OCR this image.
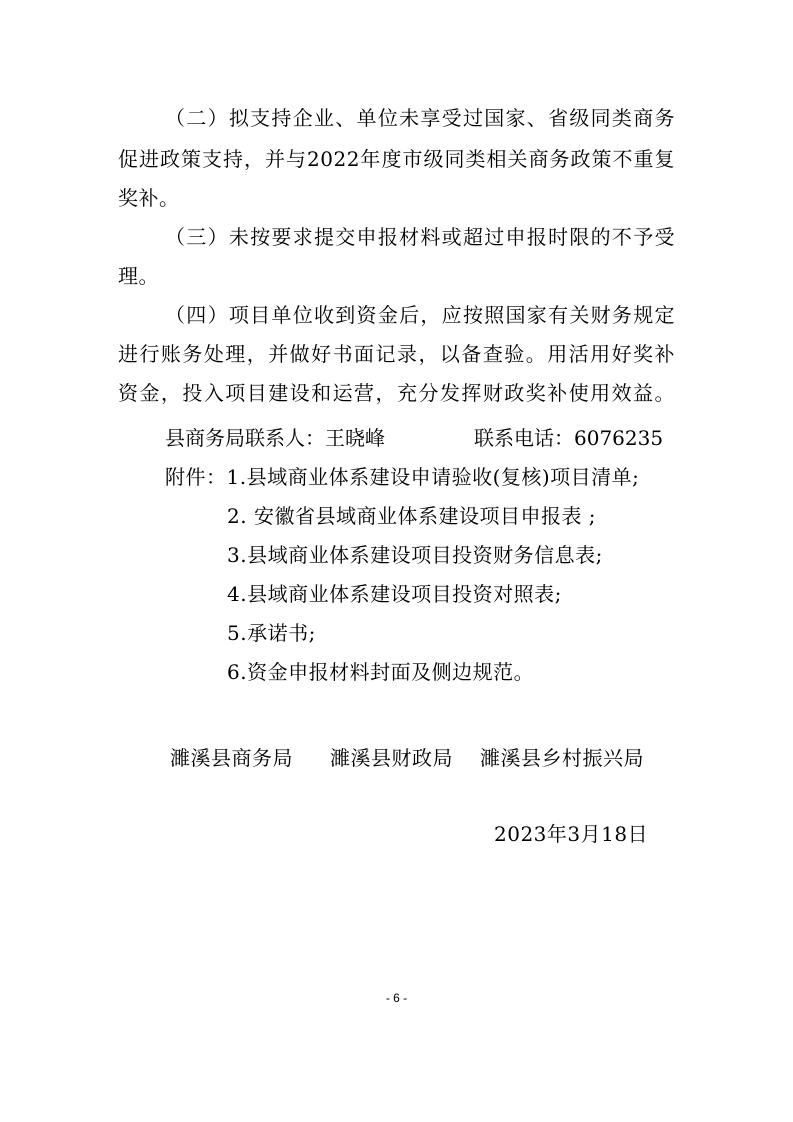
（二）拟支持企业、单位未享受过国家、省级同类商务
促进政策支持，并与2022年度市级同类相关商务政策不重复
奖补。
（三）未按要求提交申报材料或超过申报时限的不予受
理。
（四）项目单位收到资金后，应按照国家有关财务规定
进行账务处理，并做好书面记录，以备查验。用活用好奖补
资金，投入项目建设和运营，充分发挥财政奖补使用效益。
县商务局联系人：王晓峰	联系电话：6076235
附件：1.县域商业体系建设申请验收(复核)项目清单;
2. 安徽省县域商业体系建设项目申报表 ;
3.县域商业体系建设项目投资财务信息表;
4.县域商业体系建设项目投资对照表;
5.承诺书;
6.资金申报材料封面及侧边规范。
濉溪县商务局 濉溪县财政局 濉溪县乡村振兴局
2023年3月18日
- 6 -
